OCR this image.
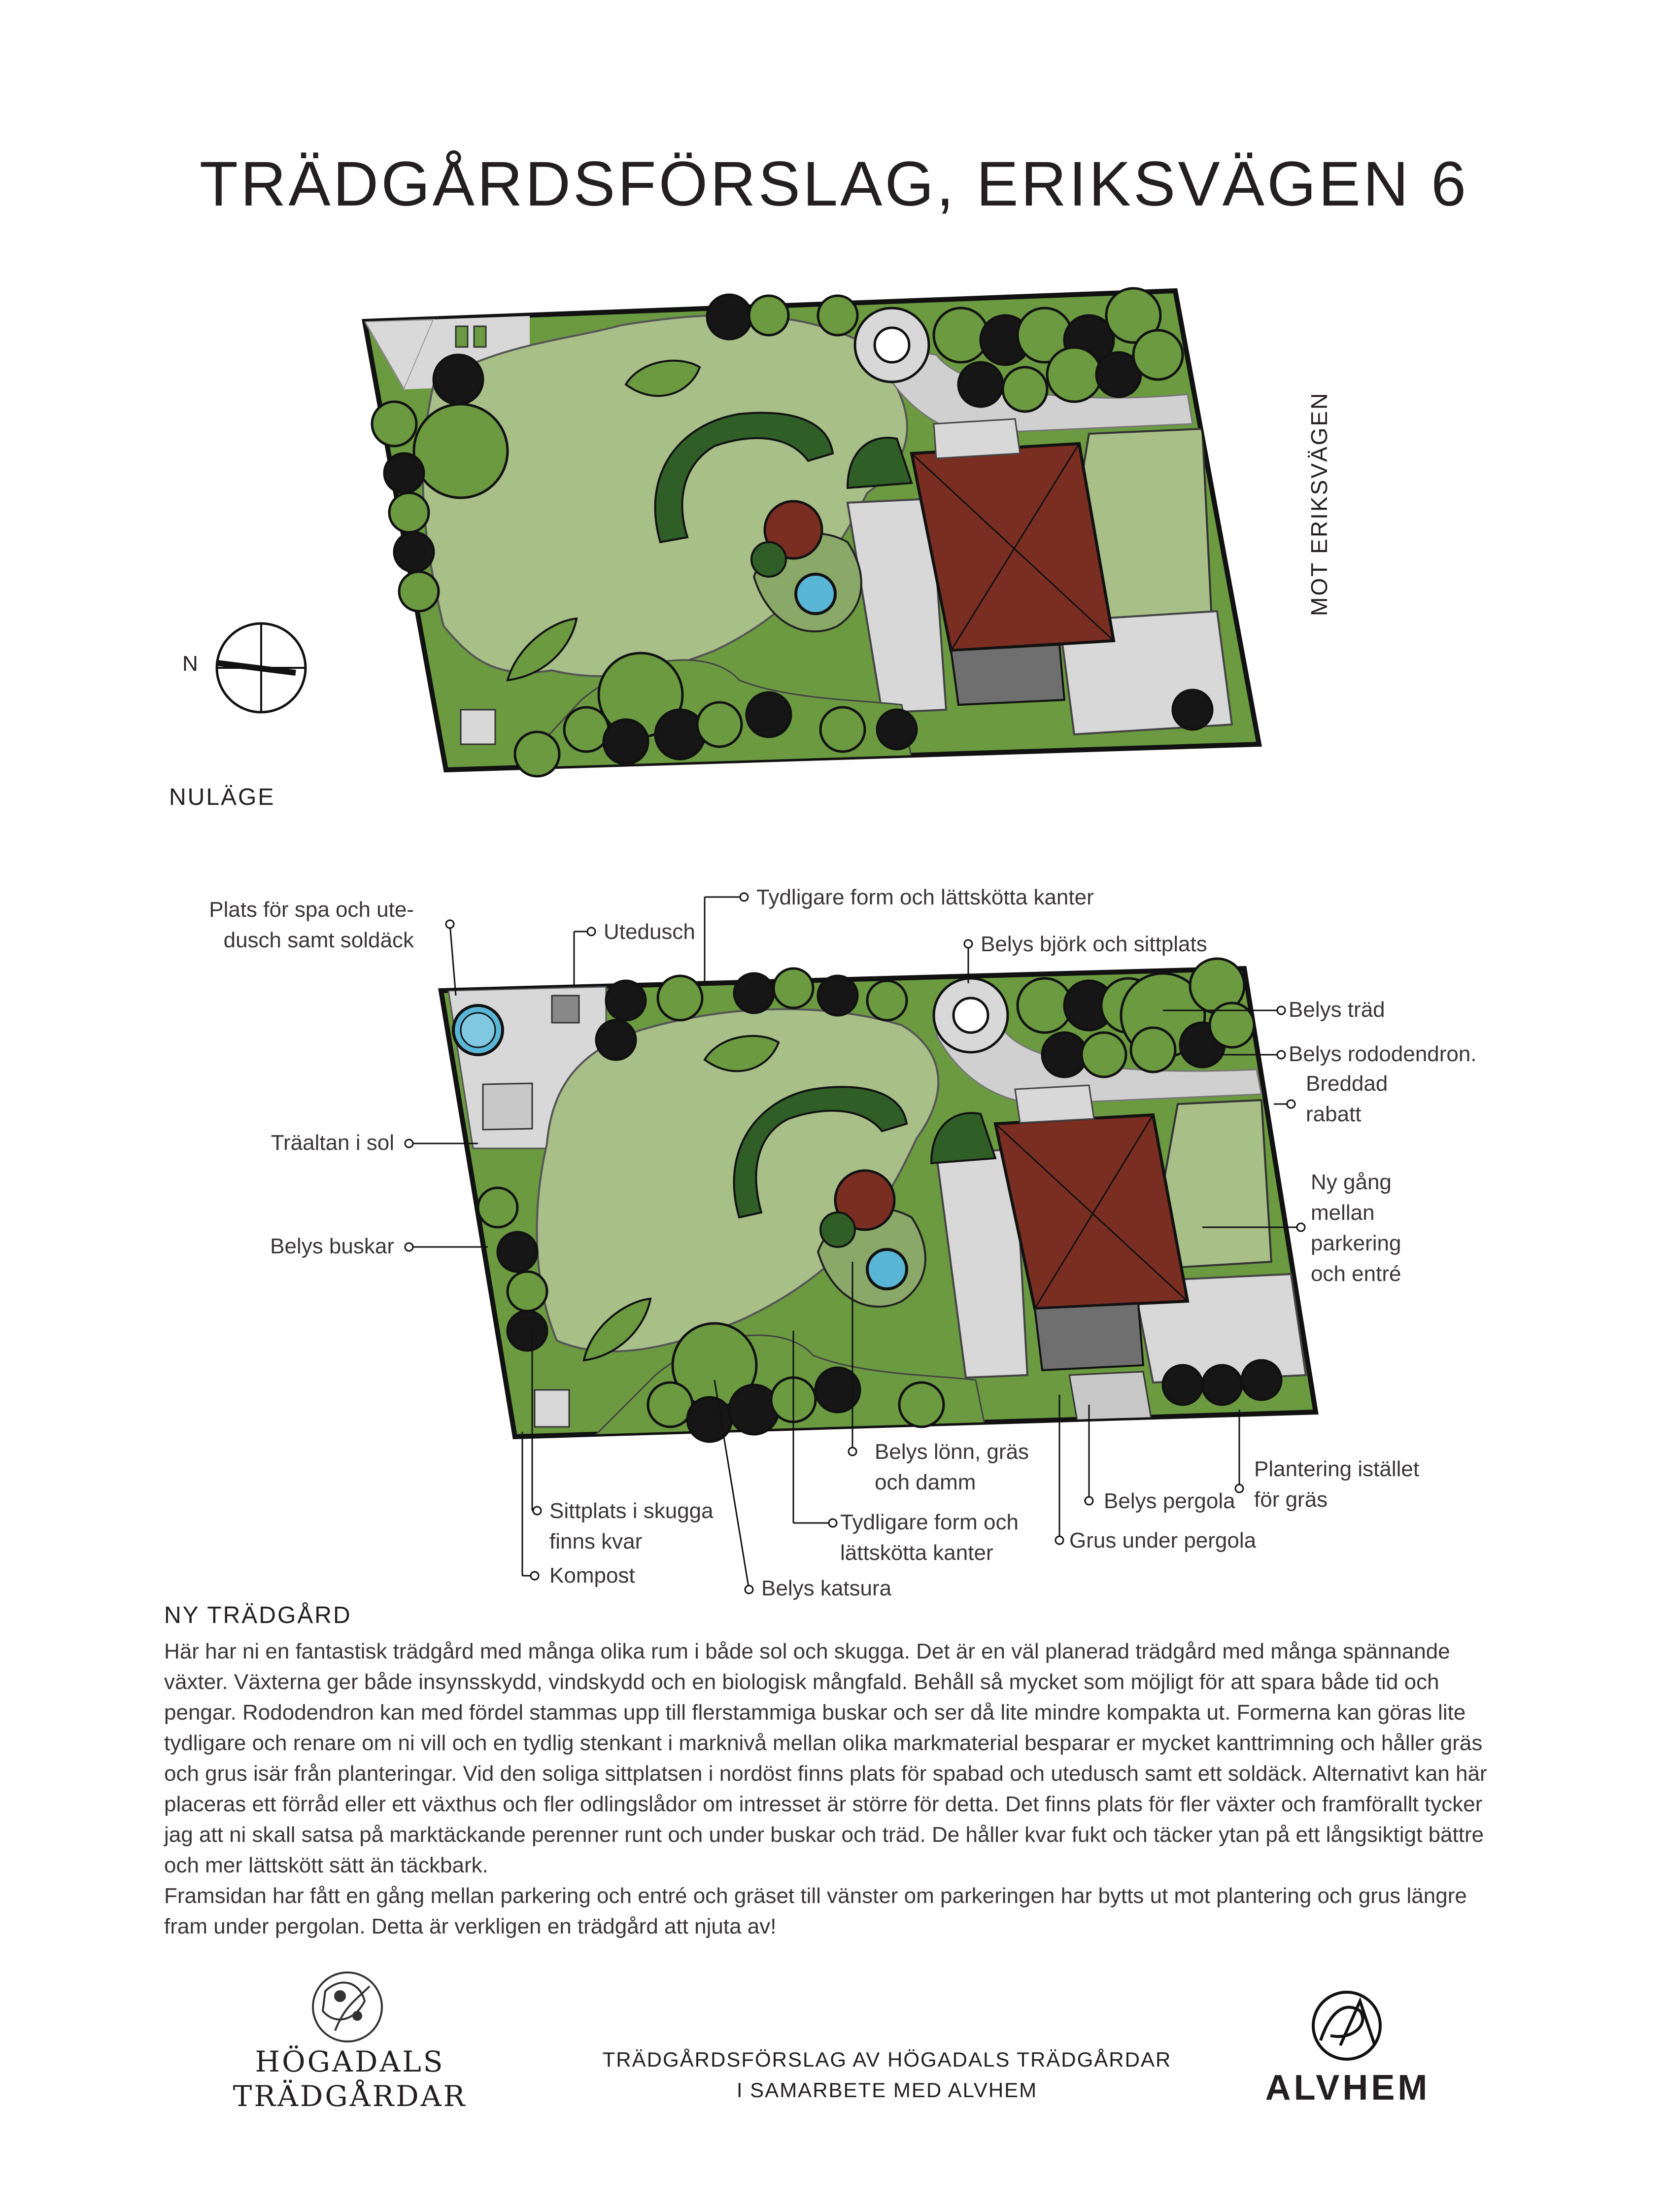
TRÄDGÅRDSFÖRSLAG, ERIKSVÄGEN 6
NULÄGE
N
MOT ERIKSVÄGEN
Plats för spa och ute-
dusch samt soldäck	Utedusch
Tydligare form och lättskötta kanter
Belys björk och sittplats
Belys träd
Belys rododendron.
Breddad
rabatt
Ny gång
mellan
parkering
och entré
Träaltan i sol
Belys buskar
Belys lönn, gräs
och damm
Belys pergola
Plantering istället
för gräs
Sittplats i skugga
finns kvar
Kompost
Tydligare form och
lättskötta kanter
Belys katsura
Grus under pergola
NY TRÄDGÅRD

Här har ni en fantastisk trädgård med många olika rum i både sol och skugga. Det är en väl planerad trädgård med många spännande växter. Växterna ger både insynsskydd, vindskydd och en biologisk mångfald. Behåll så mycket som möjligt för att spara både tid och pengar. Rododendron kan med fördel stammas upp till flerstammiga buskar och ser då lite mindre kompakta ut. Formerna kan göras lite tydligare och renare om ni vill och en tydlig stenkant i marknivå mellan olika markmaterial besparar er mycket kanttrimning och håller gräs och grus isär från planteringar. Vid den soliga sittplatsen i nordöst finns plats för spabad och utedusch samt ett soldäck. Alternativt kan här placeras ett förråd eller ett växthus och fler odlingslådor om intresset är större för detta. Det finns plats för fler växter och framförallt tycker jag att ni skall satsa på marktäckande perenner runt och under buskar och träd. De håller kvar fukt och täcker ytan på ett långsiktigt bättre och mer lättskött sätt än täckbark.

Framsidan har fått en gång mellan parkering och entré och gräset till vänster om parkeringen har bytts ut mot plantering och grus längre fram under pergolan. Detta är verkligen en trädgård att njuta av!

HÖGADALS
TRÄDGÅRDAR
TRÄDGÅRDSFÖRSLAG AV HÖGADALS TRÄDGÅRDAR
I SAMARBETE MED ALVHEM	ALVHEM
